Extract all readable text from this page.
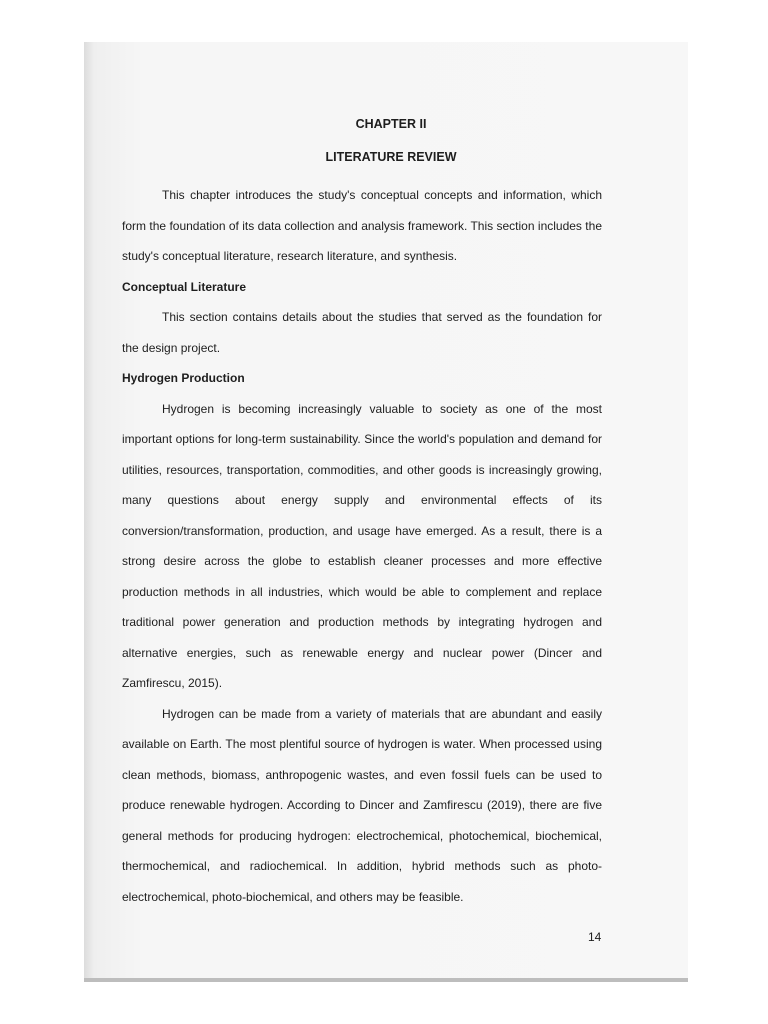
CHAPTER II
LITERATURE REVIEW

This chapter introduces the study's conceptual concepts and information, which form the foundation of its data collection and analysis framework. This section includes the study's conceptual literature, research literature, and synthesis.

Conceptual Literature

This section contains details about the studies that served as the foundation for the design project.

Hydrogen Production

Hydrogen is becoming increasingly valuable to society as one of the most important options for long-term sustainability. Since the world's population and demand for utilities, resources, transportation, commodities, and other goods is increasingly growing, many questions about energy supply and environmental effects of its conversion/transformation, production, and usage have emerged. As a result, there is a strong desire across the globe to establish cleaner processes and more effective production methods in all industries, which would be able to complement and replace traditional power generation and production methods by integrating hydrogen and alternative energies, such as renewable energy and nuclear power (Dincer and Zamfirescu, 2015).

Hydrogen can be made from a variety of materials that are abundant and easily available on Earth. The most plentiful source of hydrogen is water. When processed using clean methods, biomass, anthropogenic wastes, and even fossil fuels can be used to produce renewable hydrogen. According to Dincer and Zamfirescu (2019), there are five general methods for producing hydrogen: electrochemical, photochemical, biochemical, thermochemical, and radiochemical. In addition, hybrid methods such as photo-electrochemical, photo-biochemical, and others may be feasible.

14
